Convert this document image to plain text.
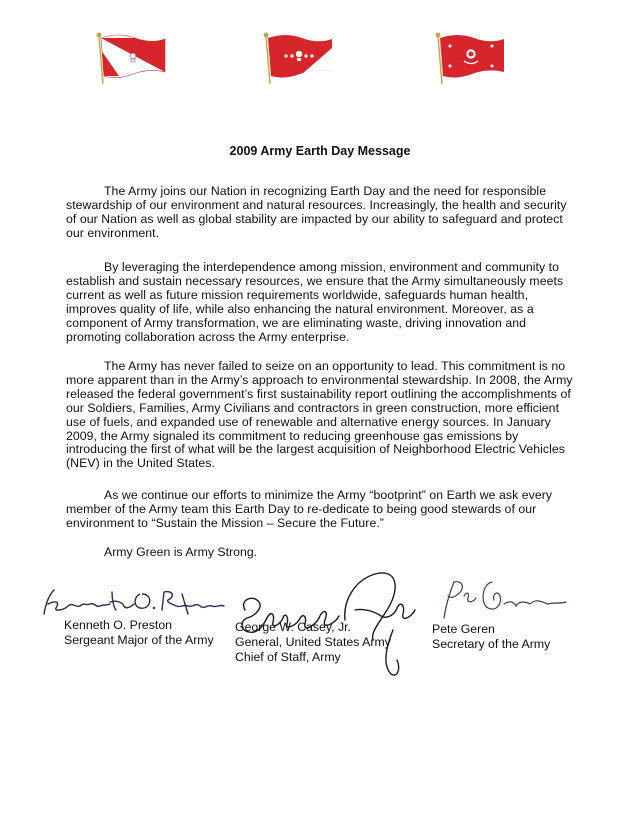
2009 Army Earth Day Message

The Army joins our Nation in recognizing Earth Day and the need for responsible stewardship of our environment and natural resources. Increasingly, the health and security of our Nation as well as global stability are impacted by our ability to safeguard and protect our environment.

By leveraging the interdependence among mission, environment and community to establish and sustain necessary resources, we ensure that the Army simultaneously meets current as well as future mission requirements worldwide, safeguards human health, improves quality of life, while also enhancing the natural environment. Moreover, as a component of Army transformation, we are eliminating waste, driving innovation and promoting collaboration across the Army enterprise.

The Army has never failed to seize on an opportunity to lead. This commitment is no more apparent than in the Army’s approach to environmental stewardship. In 2008, the Army released the federal government’s first sustainability report outlining the accomplishments of our Soldiers, Families, Army Civilians and contractors in green construction, more efficient use of fuels, and expanded use of renewable and alternative energy sources. In January 2009, the Army signaled its commitment to reducing greenhouse gas emissions by introducing the first of what will be the largest acquisition of Neighborhood Electric Vehicles (NEV) in the United States.

As we continue our efforts to minimize the Army “bootprint” on Earth we ask every member of the Army team this Earth Day to re-dedicate to being good stewards of our environment to “Sustain the Mission – Secure the Future.”

Army Green is Army Strong.
Kenneth O. Preston
Sergeant Major of the Army
George W. Casey, Jr.
General, United States Army
Chief of Staff, Army
Pete Geren
Secretary of the Army
